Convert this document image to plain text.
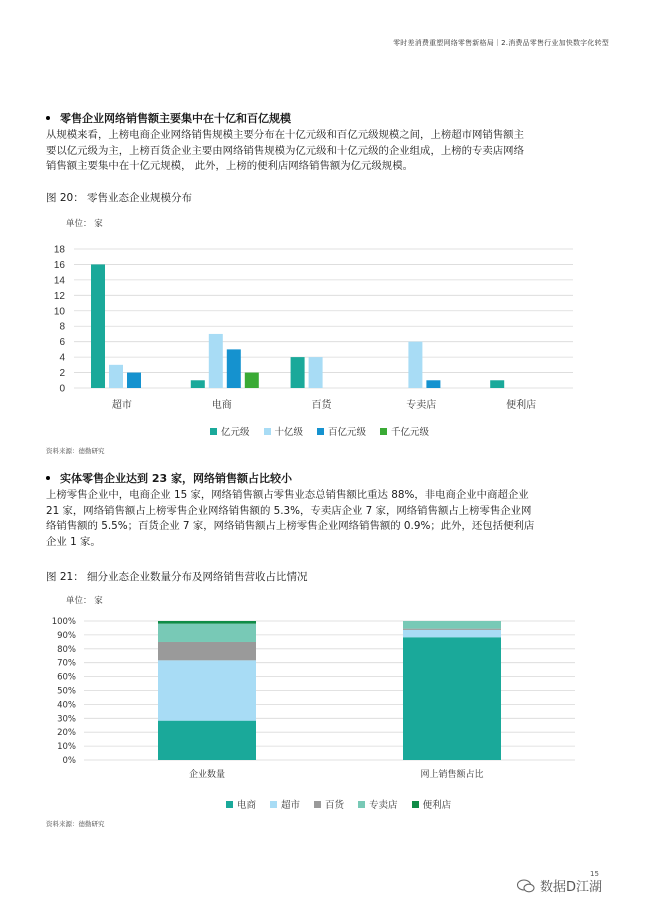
零时差消费重塑网络零售新格局｜2.消费品零售行业加快数字化转型
零售企业网络销售额主要集中在十亿和百亿规模
从规模来看，上榜电商企业网络销售规模主要分布在十亿元级和百亿元级规模之间，上榜超市网销售额主
要以亿元级为主，上榜百货企业主要由网络销售规模为亿元级和十亿元级的企业组成，上榜的专卖店网络
销售额主要集中在十亿元规模， 此外，上榜的便利店网络销售额为亿元级规模。
图 20： 零售业态企业规模分布
单位： 家
0
2
4
6
8
10
12
14
16
18
超市	电商	百货	专卖店	便利店
0%
10%
20%
30%
40%
50%
60%
70%
80%
90%
100%
企业数量	网上销售额占比
亿元级	十亿级	百亿元级	千亿元级
资料来源：德勤研究
实体零售企业达到 23 家，网络销售额占比较小
上榜零售企业中，电商企业 15 家，网络销售额占零售业态总销售额比重达 88%，非电商企业中商超企业
21 家，网络销售额占上榜零售企业网络销售额的 5.3%，专卖店企业 7 家，网络销售额占上榜零售企业网
络销售额的 5.5%；百货企业 7 家，网络销售额占上榜零售企业网络销售额的 0.9%；此外，还包括便利店
企业 1 家。
图 21： 细分业态企业数量分布及网络销售营收占比情况
单位： 家
电商	超市	百货	专卖店	便利店
资料来源：德勤研究
15
数据D江湖
